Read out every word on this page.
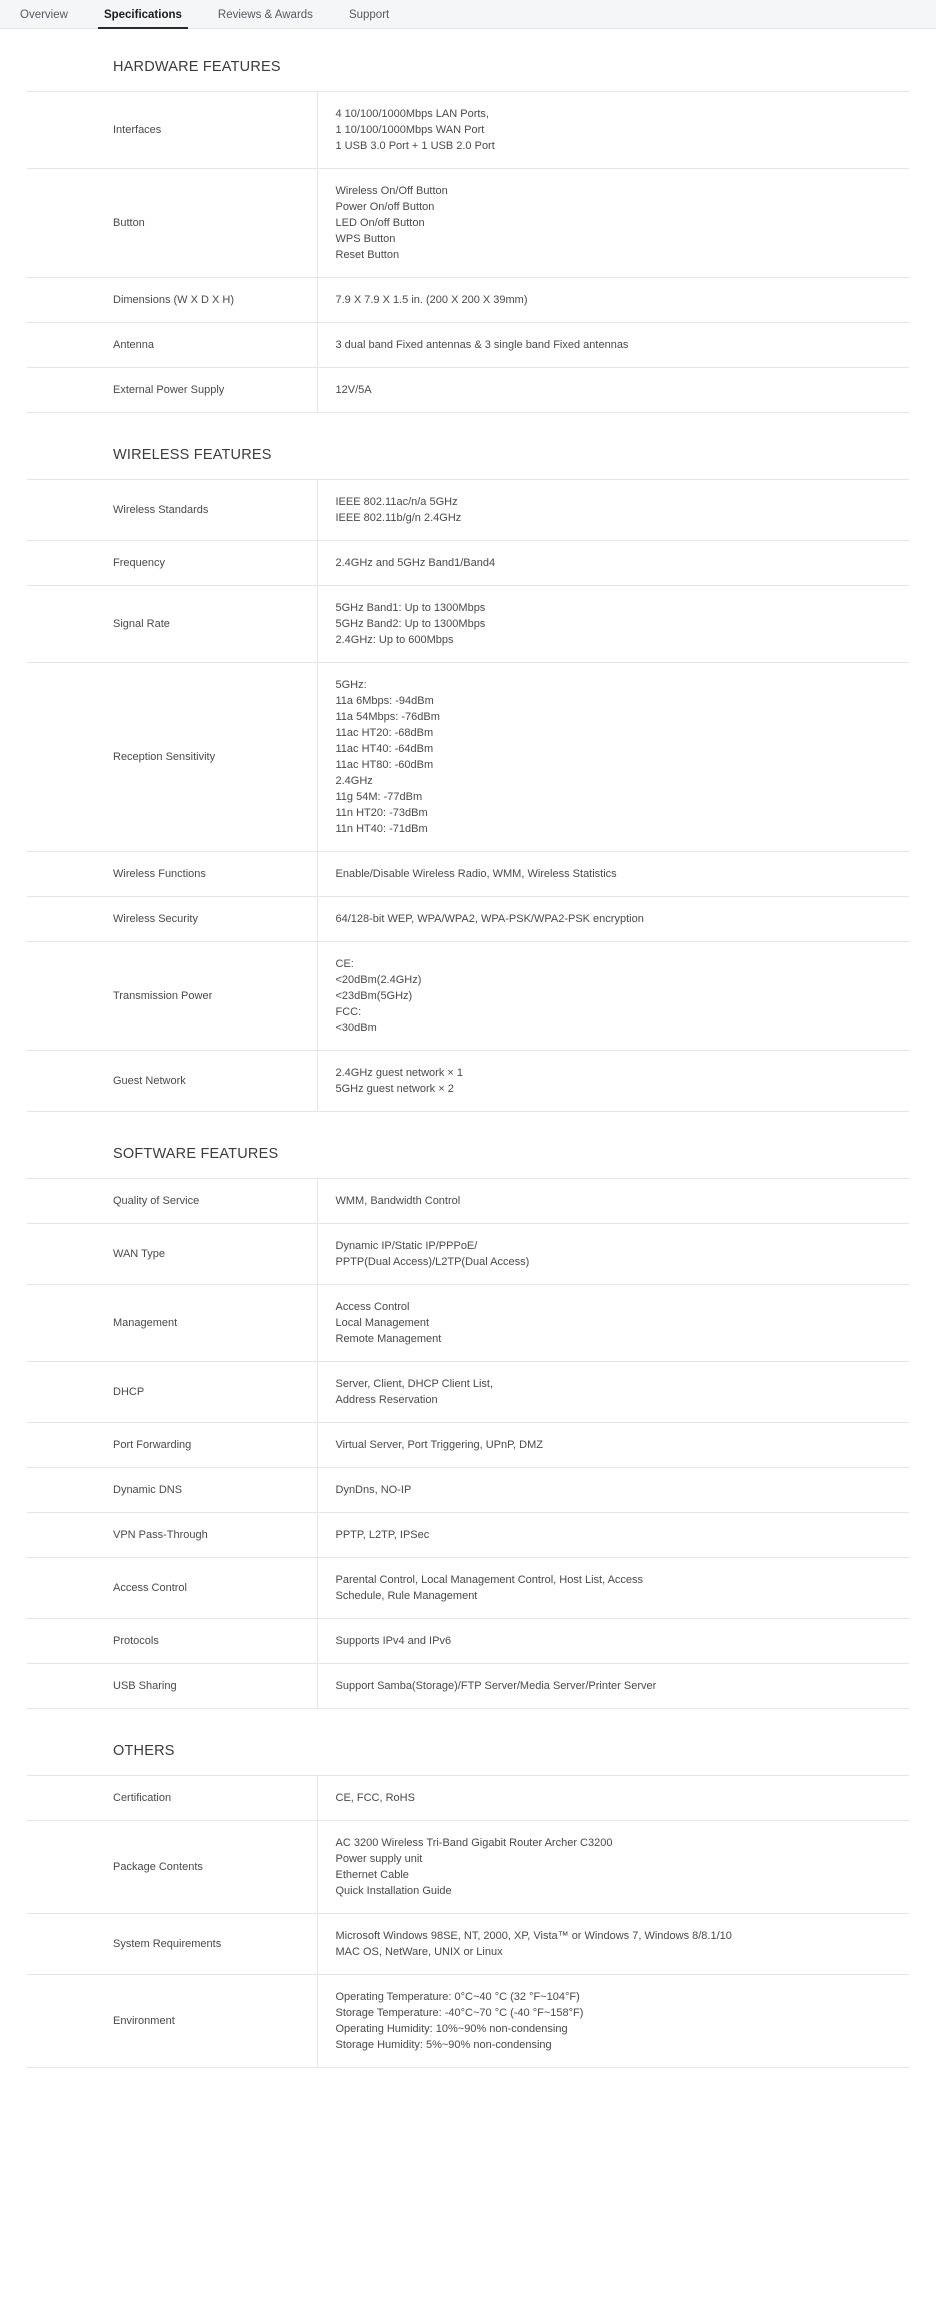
Overview	Specifications	Reviews & Awards	Support
HARDWARE FEATURES
Interfaces	4 10/100/1000Mbps LAN Ports,
1 10/100/1000Mbps WAN Port
1 USB 3.0 Port + 1 USB 2.0 Port

Button	Wireless On/Off Button
Power On/off Button
LED On/off Button
WPS Button
Reset Button

Dimensions (W X D X H)	7.9 X 7.9 X 1.5 in. (200 X 200 X 39mm)

Antenna	3 dual band Fixed antennas & 3 single band Fixed antennas

External Power Supply	12V/5A
WIRELESS FEATURES
Wireless Standards	IEEE 802.11ac/n/a 5GHz
IEEE 802.11b/g/n 2.4GHz

Frequency	2.4GHz and 5GHz Band1/Band4

Signal Rate	5GHz Band1: Up to 1300Mbps
5GHz Band2: Up to 1300Mbps
2.4GHz: Up to 600Mbps

Reception Sensitivity	
5GHz:
11a 6Mbps: -94dBm
11a 54Mbps: -76dBm
11ac HT20: -68dBm
11ac HT40: -64dBm
11ac HT80: -60dBm
2.4GHz
11g 54M: -77dBm
11n HT20: -73dBm
11n HT40: -71dBm

Wireless Functions	Enable/Disable Wireless Radio, WMM, Wireless Statistics

Wireless Security	64/128-bit WEP, WPA/WPA2, WPA-PSK/WPA2-PSK encryption

Transmission Power	CE:
<20dBm(2.4GHz)
<23dBm(5GHz)
FCC:
<30dBm

Guest Network	2.4GHz guest network × 1
5GHz guest network × 2
SOFTWARE FEATURES
Quality of Service	WMM, Bandwidth Control

WAN Type	Dynamic IP/Static IP/PPPoE/
PPTP(Dual Access)/L2TP(Dual Access)

Management	Access Control
Local Management
Remote Management

DHCP	Server, Client, DHCP Client List,
Address Reservation

Port Forwarding	Virtual Server, Port Triggering, UPnP, DMZ

Dynamic DNS	DynDns, NO-IP

VPN Pass-Through	PPTP, L2TP, IPSec

Access Control	Parental Control, Local Management Control, Host List, Access
Schedule, Rule Management

Protocols	Supports IPv4 and IPv6

USB Sharing	Support Samba(Storage)/FTP Server/Media Server/Printer Server
OTHERS
Certification	CE, FCC, RoHS

Package Contents	AC 3200 Wireless Tri-Band Gigabit Router Archer C3200
Power supply unit
Ethernet Cable
Quick Installation Guide

System Requirements	Microsoft Windows 98SE, NT, 2000, XP, Vista™ or Windows 7, Windows 8/8.1/10
MAC OS, NetWare, UNIX or Linux

Environment	Operating Temperature: 0°C~40 °C (32 °F~104°F)
Storage Temperature: -40°C~70 °C (-40 °F~158°F)
Operating Humidity: 10%~90% non-condensing
Storage Humidity: 5%~90% non-condensing
